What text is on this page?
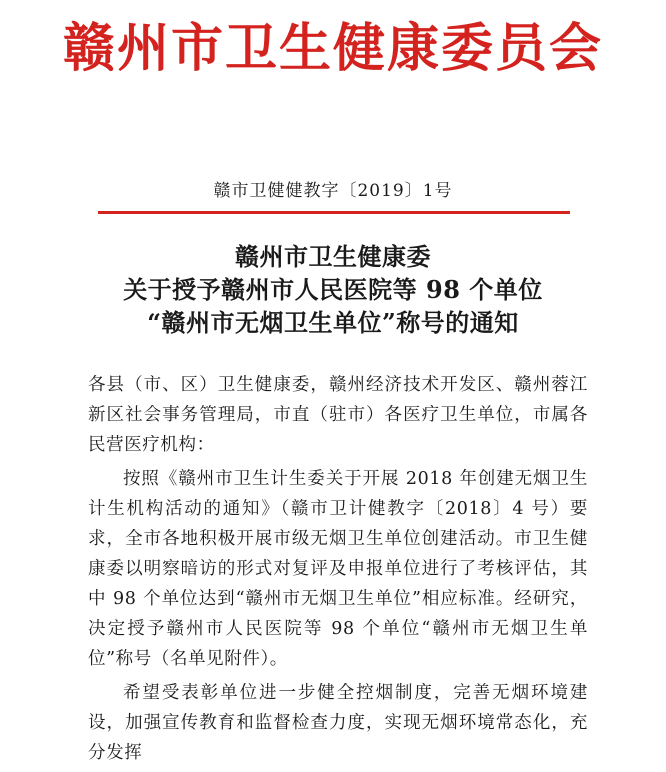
赣州市卫生健康委员会
赣市卫健健教字〔2019〕1号
赣州市卫生健康委
关于授予赣州市人民医院等 98 个单位
“赣州市无烟卫生单位”称号的通知

各县（市、区）卫生健康委，赣州经济技术开发区、赣州蓉江新区社会事务管理局，市直（驻市）各医疗卫生单位，市属各民营医疗机构：

按照《赣州市卫生计生委关于开展 2018 年创建无烟卫生计生机构活动的通知》（赣市卫计健教字〔2018〕4 号）要求，全市各地积极开展市级无烟卫生单位创建活动。市卫生健康委以明察暗访的形式对复评及申报单位进行了考核评估，其中 98 个单位达到“赣州市无烟卫生单位”相应标准。经研究，决定授予赣州市人民医院等 98 个单位“赣州市无烟卫生单位”称号（名单见附件）。

希望受表彰单位进一步健全控烟制度，完善无烟环境建设，加强宣传教育和监督检查力度，实现无烟环境常态化，充分发挥
